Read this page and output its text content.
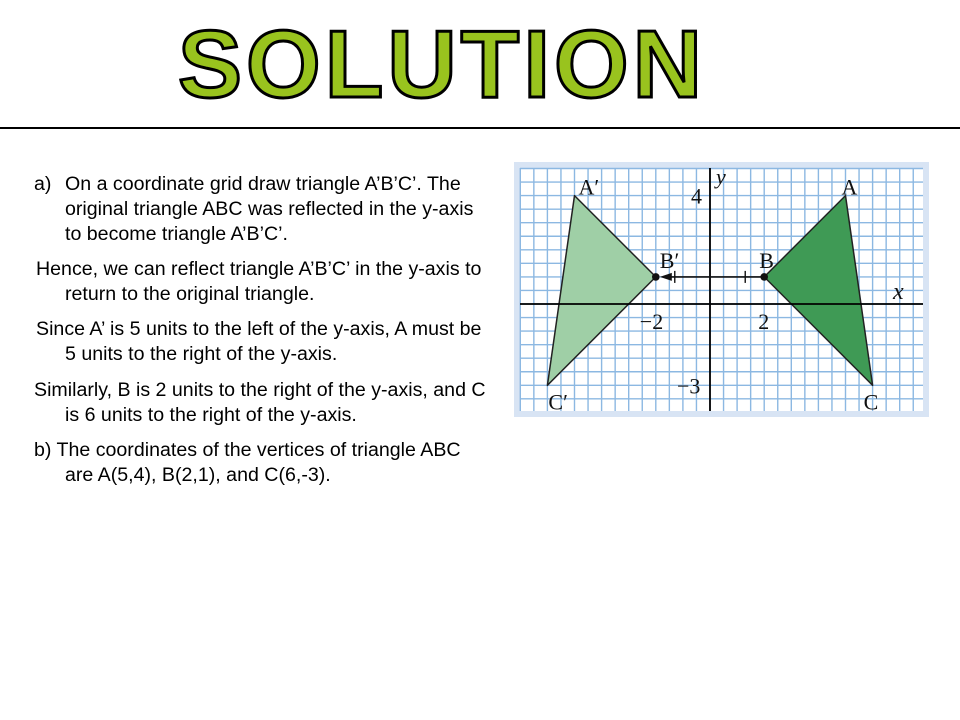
SOLUTION

a) On a coordinate grid draw triangle A’B’C’. The original triangle ABC was reflected in the y-axis to become triangle A’B’C’.

Hence, we can reflect triangle A’B’C’ in the y-axis to return to the original triangle.

Since A’ is 5 units to the left of the y-axis, A must be 5 units to the right of the y-axis.

Similarly, B is 2 units to the right of the y-axis, and C is 6 units to the right of the y-axis.

b) The coordinates of the vertices of triangle ABC are A(5,4), B(2,1), and C(6,-3).

x
y
−2	2
4
−3
A′	A
B′	B
C′	C
